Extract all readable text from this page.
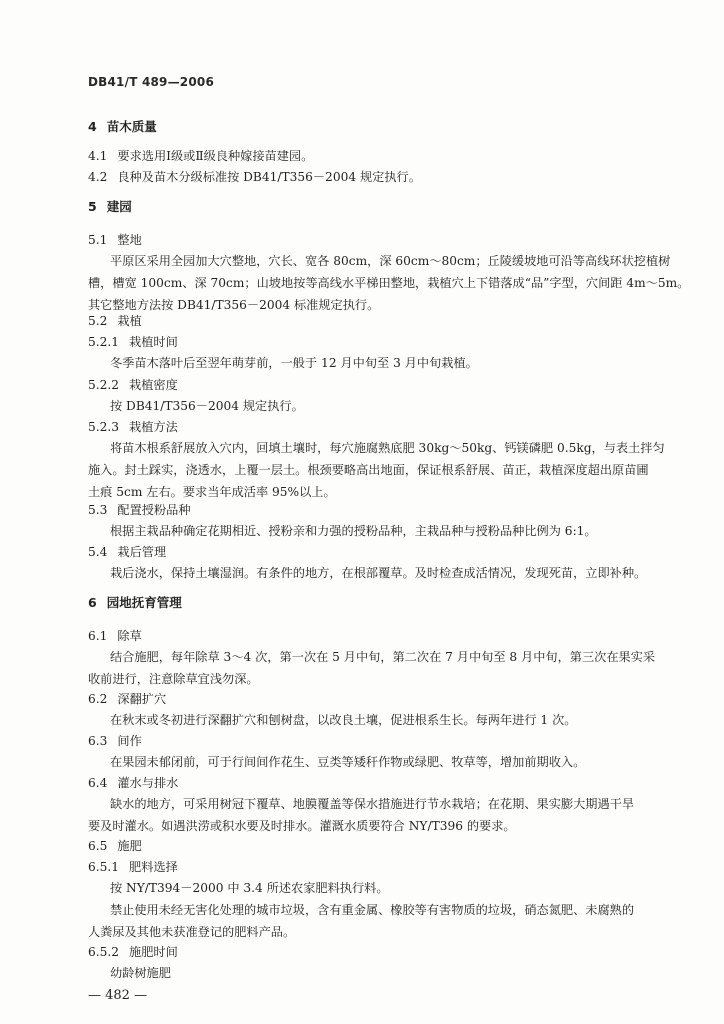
DB41/T 489—2006
4 苗木质量
4.1 要求选用Ⅰ级或Ⅱ级良种嫁接苗建园。
4.2 良种及苗木分级标准按 DB41/T356－2004 规定执行。
5 建园
5.1 整地
平原区采用全园加大穴整地，穴长、宽各 80cm，深 60cm～80cm；丘陵缓坡地可沿等高线环状挖植树
槽，槽宽 100cm、深 70cm；山坡地按等高线水平梯田整地，栽植穴上下错落成“品”字型，穴间距 4m～5m。
其它整地方法按 DB41/T356－2004 标准规定执行。
5.2 栽植
5.2.1 栽植时间
冬季苗木落叶后至翌年萌芽前，一般于 12 月中旬至 3 月中旬栽植。
5.2.2 栽植密度
按 DB41/T356－2004 规定执行。
5.2.3 栽植方法
将苗木根系舒展放入穴内，回填土壤时，每穴施腐熟底肥 30kg～50kg、钙镁磷肥 0.5kg，与表土拌匀
施入。封土踩实，浇透水，上覆一层土。根颈要略高出地面，保证根系舒展、苗正，栽植深度超出原苗圃
土痕 5cm 左右。要求当年成活率 95%以上。
5.3 配置授粉品种
根据主栽品种确定花期相近、授粉亲和力强的授粉品种，主栽品种与授粉品种比例为 6:1。
5.4 栽后管理
栽后浇水，保持土壤湿润。有条件的地方，在根部覆草。及时检查成活情况，发现死苗，立即补种。
6 园地抚育管理
6.1 除草
结合施肥，每年除草 3～4 次，第一次在 5 月中旬，第二次在 7 月中旬至 8 月中旬，第三次在果实采
收前进行，注意除草宜浅勿深。
6.2 深翻扩穴
在秋末或冬初进行深翻扩穴和刨树盘，以改良土壤，促进根系生长。每两年进行 1 次。
6.3 间作
在果园未郁闭前，可于行间间作花生、豆类等矮秆作物或绿肥、牧草等，增加前期收入。
6.4 灌水与排水
缺水的地方，可采用树冠下覆草、地膜覆盖等保水措施进行节水栽培；在花期、果实膨大期遇干旱
要及时灌水。如遇洪涝或积水要及时排水。灌溉水质要符合 NY/T396 的要求。
6.5 施肥
6.5.1 肥料选择
按 NY/T394－2000 中 3.4 所述农家肥料执行料。
禁止使用未经无害化处理的城市垃圾，含有重金属、橡胶等有害物质的垃圾，硝态氮肥、未腐熟的
人粪尿及其他未获准登记的肥料产品。
6.5.2 施肥时间
幼龄树施肥
— 482 —
